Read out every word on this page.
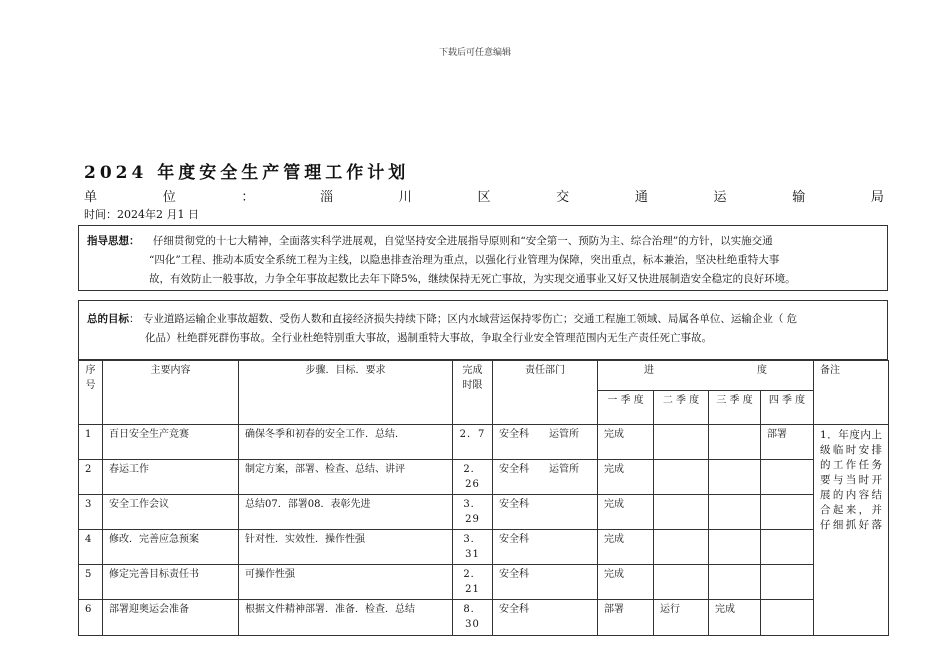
下载后可任意编辑
2024 年度安全生产管理工作计划
单	位	：	淄	川	区	交	通	运	输	局
时间：2024年2 月1 日

指导思想： 仔细贯彻党的十七大精神，全面落实科学进展观，自觉坚持安全进展指导原则和“安全第一、预防为主、综合治理”的方针，以实施交通

“四化”工程、推动本质安全系统工程为主线，以隐患排查治理为重点，以强化行业管理为保障，突出重点，标本兼治，坚决杜绝重特大事

故，有效防止一般事故，力争全年事故起数比去年下降5%，继续保持无死亡事故，为实现交通事业又好又快进展制造安全稳定的良好环境。

总的目标： 专业道路运输企业事故超数、受伤人数和直接经济损失持续下降；区内水域营运保持零伤亡；交通工程施工领域、局属各单位、运输企业（ 危

化品）杜绝群死群伤事故。全行业杜绝特别重大事故，遏制重特大事故，争取全行业安全管理范围内无生产责任死亡事故。

序号	主要内容	步骤．目标．要求	完成时限	责任部门	进 度				备注
					一 季 度	二 季 度	三 季 度	四 季 度	
1	百日安全生产竞赛	确保冬季和初春的安全工作．总结．	2．7	安全科　　运管所	完成			部署	1．年度内上级临时安排的工作任务要与当时开展的内容结合起来，并仔细抓好落
2	春运工作	制定方案，部署、检查、总结、讲评	2．26	安全科　　运管所	完成				
3	安全工作会议	总结07．部署08．表彰先进	3．29	安全科	完成				
4	修改．完善应急预案	针对性．实效性．操作性强	3．31	安全科	完成				
5	修定完善目标责任书	可操作性强	2．21	安全科	完成				
6	部署迎奥运会准备	根据文件精神部署．准备．检查．总结	8．30	安全科	部署	运行	完成		
